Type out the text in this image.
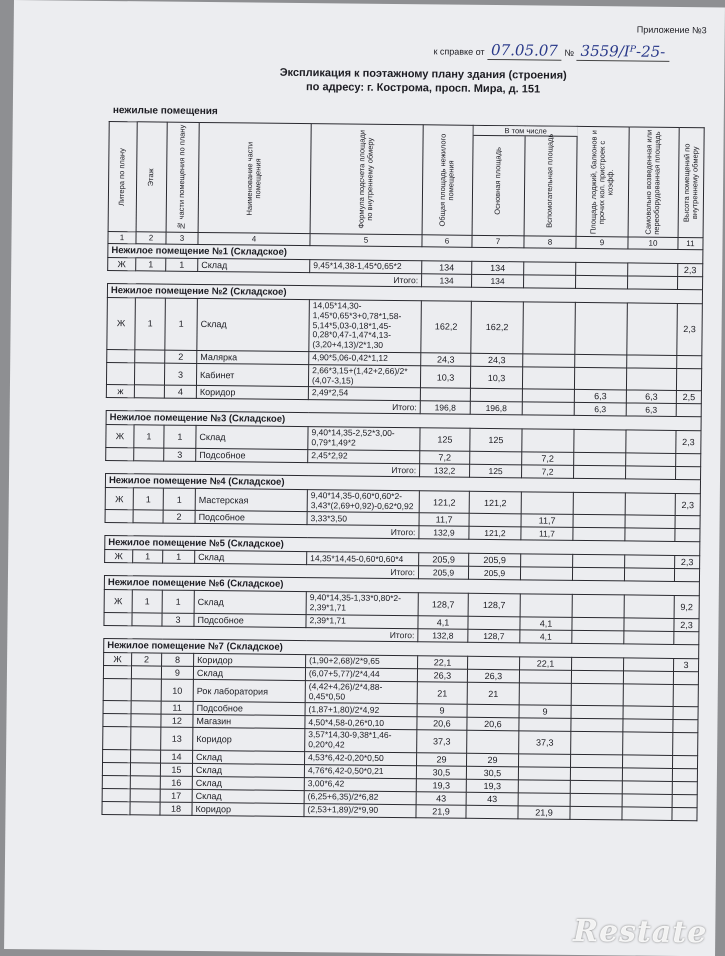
Приложение №3
к справке от 07.05.07 № 3559/Iᴾ-25-
Экспликация к поэтажному плану здания (строения)
по адресу: г. Кострома, просп. Мира, д. 151
нежилые помещения
Литера по плану	Этаж	№ части помещения по плану	Наименование части помещения	Формула подсчета площади по внутреннему обмеру	Общая площадь нежилого помещения	В том числе
Основная площадь	Вспомогательная площадь	Площадь лоджий, балконов и прочих кол. пристроек с коэфф.	Самовольно возведенная или переоборудованная площадь	Высота помещений по внутреннему обмеру

1	2	3	4	5	6	7	8	9	10	11
Нежилое помещение №1 (Складское)										
Ж	1	1	Склад	9,45*14,38-1,45*0,65*2	134	134				2,3
Итого:					134	134				
Нежилое помещение №2 (Складское)										
Ж	1	1	Склад	14,05*14,30-1,45*0,65*3+0,78*1,58-5,14*5,03-0,18*1,45-0,28*0,47-1,47*4,13-(3,20+4,13)/2*1,30	162,2	162,2				2,3
		2	Малярка	4,90*5,06-0,42*1,12	24,3	24,3				
		3	Кабинет	2,66*3,15+(1,42+2,66)/2*(4,07-3,15)	10,3	10,3				
ж		4	Коридор	2,49*2,54				6,3	6,3	2,5
Итого:					196,8	196,8		6,3	6,3	
Нежилое помещение №3 (Складское)										
Ж	1	1	Склад	9,40*14,35-2,52*3,00-0,79*1,49*2	125	125				2,3
		3	Подсобное	2,45*2,92	7,2		7,2			
Итого:					132,2	125	7,2			
Нежилое помещение №4 (Складское)										
Ж	1	1	Мастерская	9,40*14,35-0,60*0,60*2-3,43*(2,69+0,92)-0,62*0,92	121,2	121,2				2,3
		2	Подсобное	3,33*3,50	11,7		11,7			
Итого:					132,9	121,2	11,7			
Нежилое помещение №5 (Складское)										
Ж	1	1	Склад	14,35*14,45-0,60*0,60*4	205,9	205,9				2,3
Итого:					205,9	205,9				
Нежилое помещение №6 (Складское)										
Ж	1	1	Склад	9,40*14,35-1,33*0,80*2-2,39*1,71	128,7	128,7				9,2
		3	Подсобное	2,39*1,71	4,1		4,1			2,3
Итого:					132,8	128,7	4,1			
Нежилое помещение №7 (Складское)										
Ж	2	8	Коридор	(1,90+2,68)/2*9,65	22,1		22,1			3
		9	Склад	(6,07+5,77)/2*4,44	26,3	26,3				
		10	Рок лаборатория	(4,42+4,26)/2*4,88-0,45*0,50	21	21				
		11	Подсобное	(1,87+1,80)/2*4,92	9		9			
		12	Магазин	4,50*4,58-0,26*0,10	20,6	20,6				
		13	Коридор	3,57*14,30-9,38*1,46-0,20*0,42	37,3		37,3			
		14	Склад	4,53*6,42-0,20*0,50	29	29				
		15	Склад	4,76*6,42-0,50*0,21	30,5	30,5				
		16	Склад	3,00*6,42	19,3	19,3				
		17	Склад	(6,25+6,35)/2*6,82	43	43				
		18	Коридор	(2,53+1,89)/2*9,90	21,9		21,9			
Restate
